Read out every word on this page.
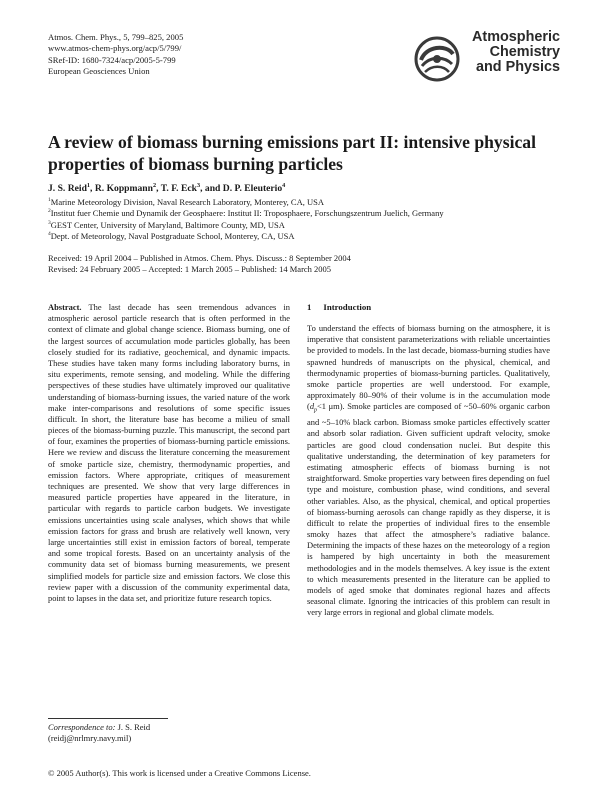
Atmos. Chem. Phys., 5, 799–825, 2005
www.atmos-chem-phys.org/acp/5/799/
SRef-ID: 1680-7324/acp/2005-5-799
European Geosciences Union
Atmospheric
Chemistry
and Physics
A review of biomass burning emissions part II: intensive physical properties of biomass burning particles
J. S. Reid$^1$, R. Koppmann$^2$, T. F. Eck$^3$, and D. P. Eleuterio$^4$
$^1$Marine Meteorology Division, Naval Research Laboratory, Monterey, CA, USA
$^2$Institut fuer Chemie und Dynamik der Geosphaere: Institut II: Troposphaere, Forschungszentrum Juelich, Germany
$^3$GEST Center, University of Maryland, Baltimore County, MD, USA
$^4$Dept. of Meteorology, Naval Postgraduate School, Monterey, CA, USA
Received: 19 April 2004 – Published in Atmos. Chem. Phys. Discuss.: 8 September 2004
Revised: 24 February 2005 – Accepted: 1 March 2005 – Published: 14 March 2005
Abstract. The last decade has seen tremendous advances in atmospheric aerosol particle research that is often performed in the context of climate and global change science. Biomass burning, one of the largest sources of accumulation mode particles globally, has been closely studied for its radiative, geochemical, and dynamic impacts. These studies have taken many forms including laboratory burns, in situ experiments, remote sensing, and modeling. While the differing perspectives of these studies have ultimately improved our qualitative understanding of biomass-burning issues, the varied nature of the work make inter-comparisons and resolutions of some specific issues difficult. In short, the literature base has become a milieu of small pieces of the biomass-burning puzzle. This manuscript, the second part of four, examines the properties of biomass-burning particle emissions. Here we review and discuss the literature concerning the measurement of smoke particle size, chemistry, thermodynamic properties, and emission factors. Where appropriate, critiques of measurement techniques are presented. We show that very large differences in measured particle properties have appeared in the literature, in particular with regards to particle carbon budgets. We investigate emissions uncertainties using scale analyses, which shows that while emission factors for grass and brush are relatively well known, very large uncertainties still exist in emission factors of boreal, temperate and some tropical forests. Based on an uncertainty analysis of the community data set of biomass burning measurements, we present simplified models for particle size and emission factors. We close this review paper with a discussion of the community experimental data, point to lapses in the data set, and prioritize future research topics.
1 Introduction
To understand the effects of biomass burning on the atmosphere, it is imperative that consistent parameterizations with reliable uncertainties be provided to models. In the last decade, biomass-burning studies have spawned hundreds of manuscripts on the physical, chemical, and thermodynamic properties of biomass-burning particles. Qualitatively, smoke particle properties are well understood. For example, approximately 80–90% of their volume is in the accumulation mode ($d_p<1$ μm). Smoke particles are composed of ~50–60% organic carbon and ~5–10% black carbon. Biomass smoke particles effectively scatter and absorb solar radiation. Given sufficient updraft velocity, smoke particles are good cloud condensation nuclei. But despite this qualitative understanding, the determination of key parameters for estimating atmospheric effects of biomass burning is not straightforward. Smoke properties vary between fires depending on fuel type and moisture, combustion phase, wind conditions, and several other variables. Also, as the physical, chemical, and optical properties of biomass-burning aerosols can change rapidly as they disperse, it is difficult to relate the properties of individual fires to the ensemble smoky hazes that affect the atmosphere’s radiative balance. Determining the impacts of these hazes on the meteorology of a region is hampered by high uncertainty in both the measurement methodologies and in the models themselves. A key issue is the extent to which measurements presented in the literature can be applied to models of aged smoke that dominates regional hazes and affects seasonal climate. Ignoring the intricacies of this problem can result in very large errors in regional and global climate models.
Correspondence to: J. S. Reid
(reidj@nrlmry.navy.mil)
© 2005 Author(s). This work is licensed under a Creative Commons License.
